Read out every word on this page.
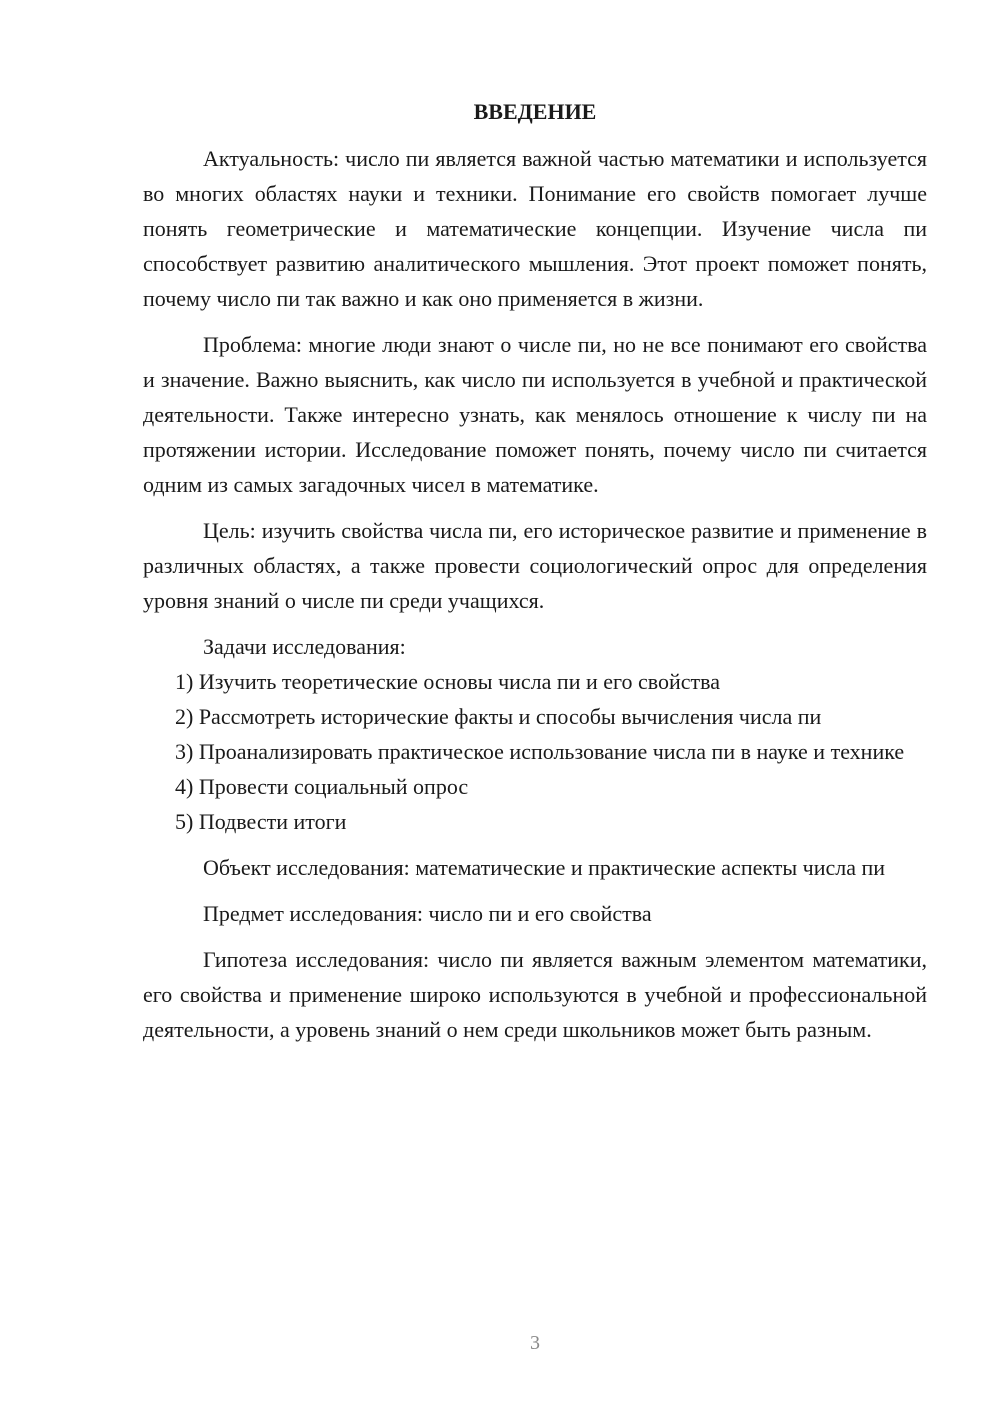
ВВЕДЕНИЕ

Актуальность: число пи является важной частью математики и используется во многих областях науки и техники. Понимание его свойств помогает лучше понять геометрические и математические концепции. Изучение числа пи способствует развитию аналитического мышления. Этот проект поможет понять, почему число пи так важно и как оно применяется в жизни.

Проблема: многие люди знают о числе пи, но не все понимают его свойства и значение. Важно выяснить, как число пи используется в учебной и практической деятельности. Также интересно узнать, как менялось отношение к числу пи на протяжении истории. Исследование поможет понять, почему число пи считается одним из самых загадочных чисел в математике.

Цель: изучить свойства числа пи, его историческое развитие и применение в различных областях, а также провести социологический опрос для определения уровня знаний о числе пи среди учащихся.

Задачи исследования:

1) Изучить теоретические основы числа пи и его свойства

2) Рассмотреть исторические факты и способы вычисления числа пи

3) Проанализировать практическое использование числа пи в науке и технике

4) Провести социальный опрос

5) Подвести итоги

Объект исследования: математические и практические аспекты числа пи

Предмет исследования: число пи и его свойства

Гипотеза исследования: число пи является важным элементом математики, его свойства и применение широко используются в учебной и профессиональной деятельности, а уровень знаний о нем среди школьников может быть разным.

3
